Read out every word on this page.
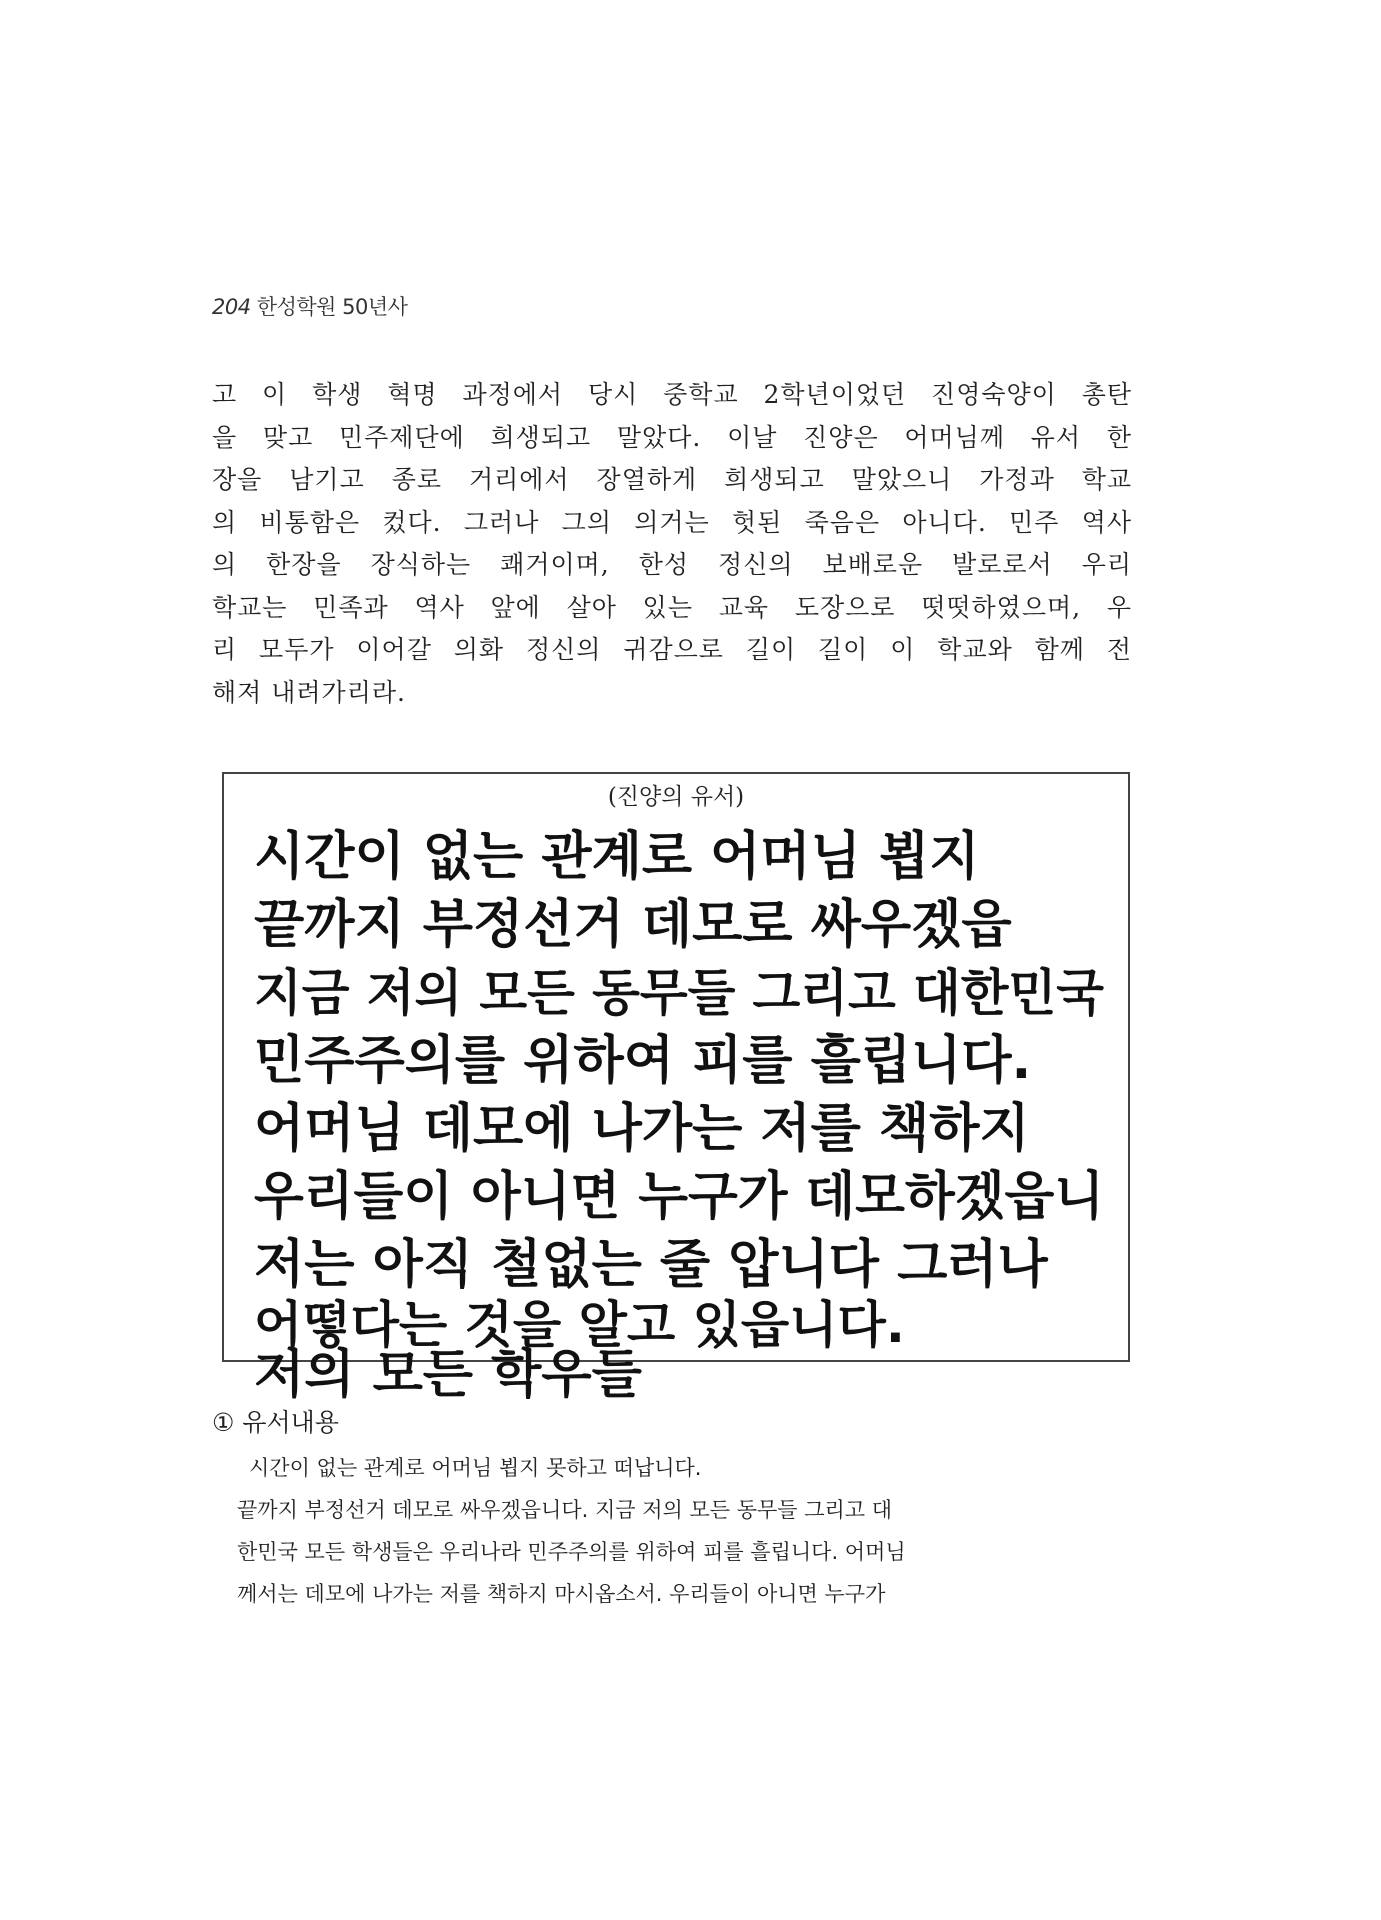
204 한성학원 50년사

고 이 학생 혁명 과정에서 당시 중학교 2학년이었던 진영숙양이 총탄

을 맞고 민주제단에 희생되고 말았다. 이날 진양은 어머님께 유서 한

장을 남기고 종로 거리에서 장열하게 희생되고 말았으니 가정과 학교

의 비통함은 컸다. 그러나 그의 의거는 헛된 죽음은 아니다. 민주 역사

의 한장을 장식하는 쾌거이며, 한성 정신의 보배로운 발로로서 우리

학교는 민족과 역사 앞에 살아 있는 교육 도장으로 떳떳하였으며, 우

리 모두가 이어갈 의화 정신의 귀감으로 길이 길이 이 학교와 함께 전

해져 내려가리라.

(진양의 유서)
시간이 없는 관계로 어머님 뵙지
끝까지 부정선거 데모로 싸우겠읍
지금 저의 모든 동무들 그리고 대한민국
민주주의를 위하여 피를 흘립니다.
어머님 데모에 나가는 저를 책하지
우리들이 아니면 누구가 데모하겠읍니
저는 아직 철없는 줄 압니다 그러나
어떻다는 것을 알고 있읍니다.
저의 모든 학우들
① 유서내용

시간이 없는 관계로 어머님 뵙지 못하고 떠납니다.

끝까지 부정선거 데모로 싸우겠읍니다. 지금 저의 모든 동무들 그리고 대

한민국 모든 학생들은 우리나라 민주주의를 위하여 피를 흘립니다. 어머님

께서는 데모에 나가는 저를 책하지 마시옵소서. 우리들이 아니면 누구가
